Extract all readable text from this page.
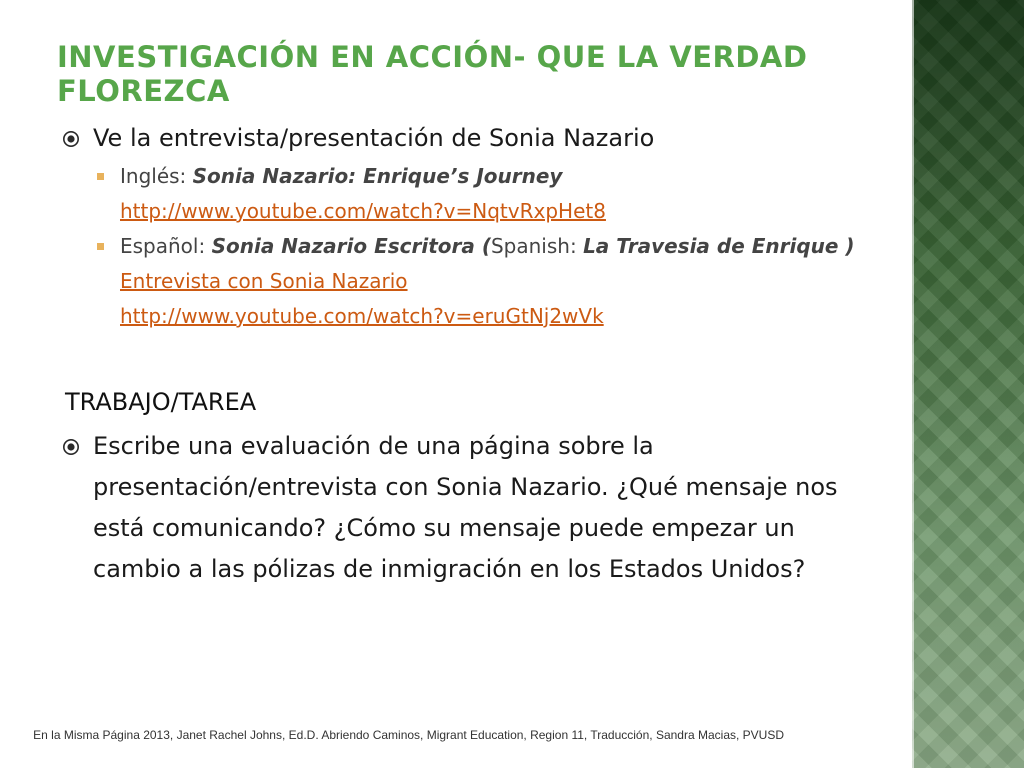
INVESTIGACIÓN EN ACCIÓN- QUE LA VERDAD FLOREZCA
Ve la entrevista/presentación de Sonia Nazario
Inglés: Sonia Nazario: Enrique’s Journey
http://www.youtube.com/watch?v=NqtvRxpHet8
Español: Sonia Nazario Escritora (Spanish: La Travesia de Enrique ) Entrevista con Sonia Nazario
http://www.youtube.com/watch?v=eruGtNj2wVk
TRABAJO/TAREA
Escribe una evaluación de una página sobre la presentación/entrevista con Sonia Nazario. ¿Qué mensaje nos está comunicando? ¿Cómo su mensaje puede empezar un cambio a las pólizas de inmigración en los Estados Unidos?
En la Misma Página 2013, Janet Rachel Johns, Ed.D. Abriendo Caminos, Migrant Education, Region 11, Traducción, Sandra Macias, PVUSD
